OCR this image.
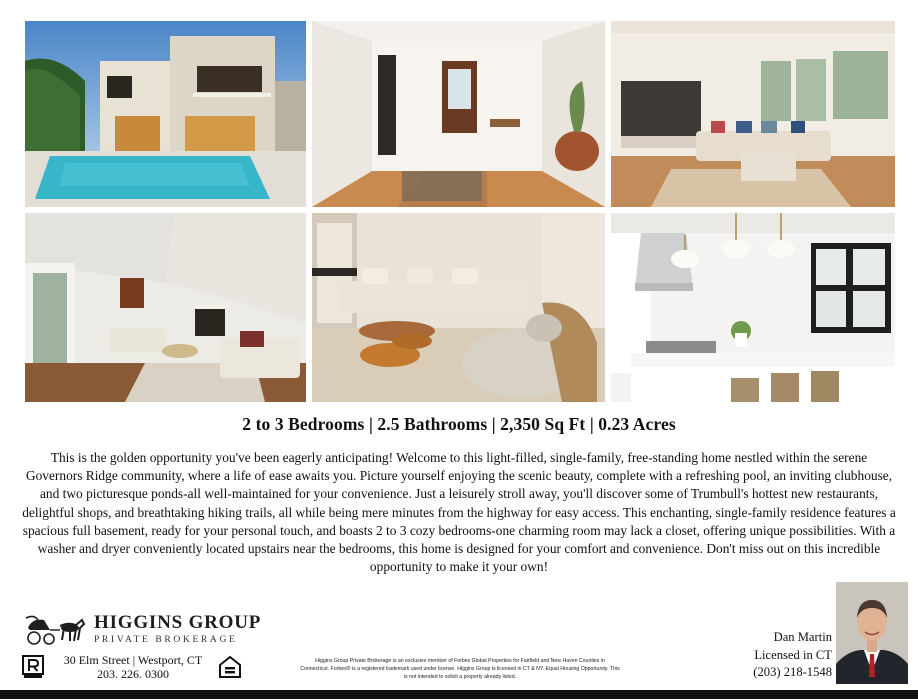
2 to 3 Bedrooms | 2.5 Bathrooms | 2,350 Sq Ft | 0.23 Acres
This is the golden opportunity you've been eagerly anticipating! Welcome to this light-filled, single-family, free-standing home nestled within the serene Governors Ridge community, where a life of ease awaits you. Picture yourself enjoying the scenic beauty, complete with a refreshing pool, an inviting clubhouse, and two picturesque ponds-all well-maintained for your convenience. Just a leisurely stroll away, you'll discover some of Trumbull's hottest new restaurants, delightful shops, and breathtaking hiking trails, all while being mere minutes from the highway for easy access. This enchanting, single-family residence features a spacious full basement, ready for your personal touch, and boasts 2 to 3 cozy bedrooms-one charming room may lack a closet, offering unique possibilities. With a washer and dryer conveniently located upstairs near the bedrooms, this home is designed for your comfort and convenience. Don't miss out on this incredible opportunity to make it your own!
HIGGINS GROUP
PRIVATE BROKERAGE
30 Elm Street | Westport, CT
203. 226. 0300
Higgins Group Private Brokerage is an exclusive member of Forbes Global Properties for Fairfield and New Haven Counties in Connecticut. Forbes® is a registered trademark used under license. Higgins Group is licensed in CT & NY. Equal Housing Opportunity. This is not intended to solicit a property already listed.
Dan Martin
Licensed in CT
(203) 218-1548
